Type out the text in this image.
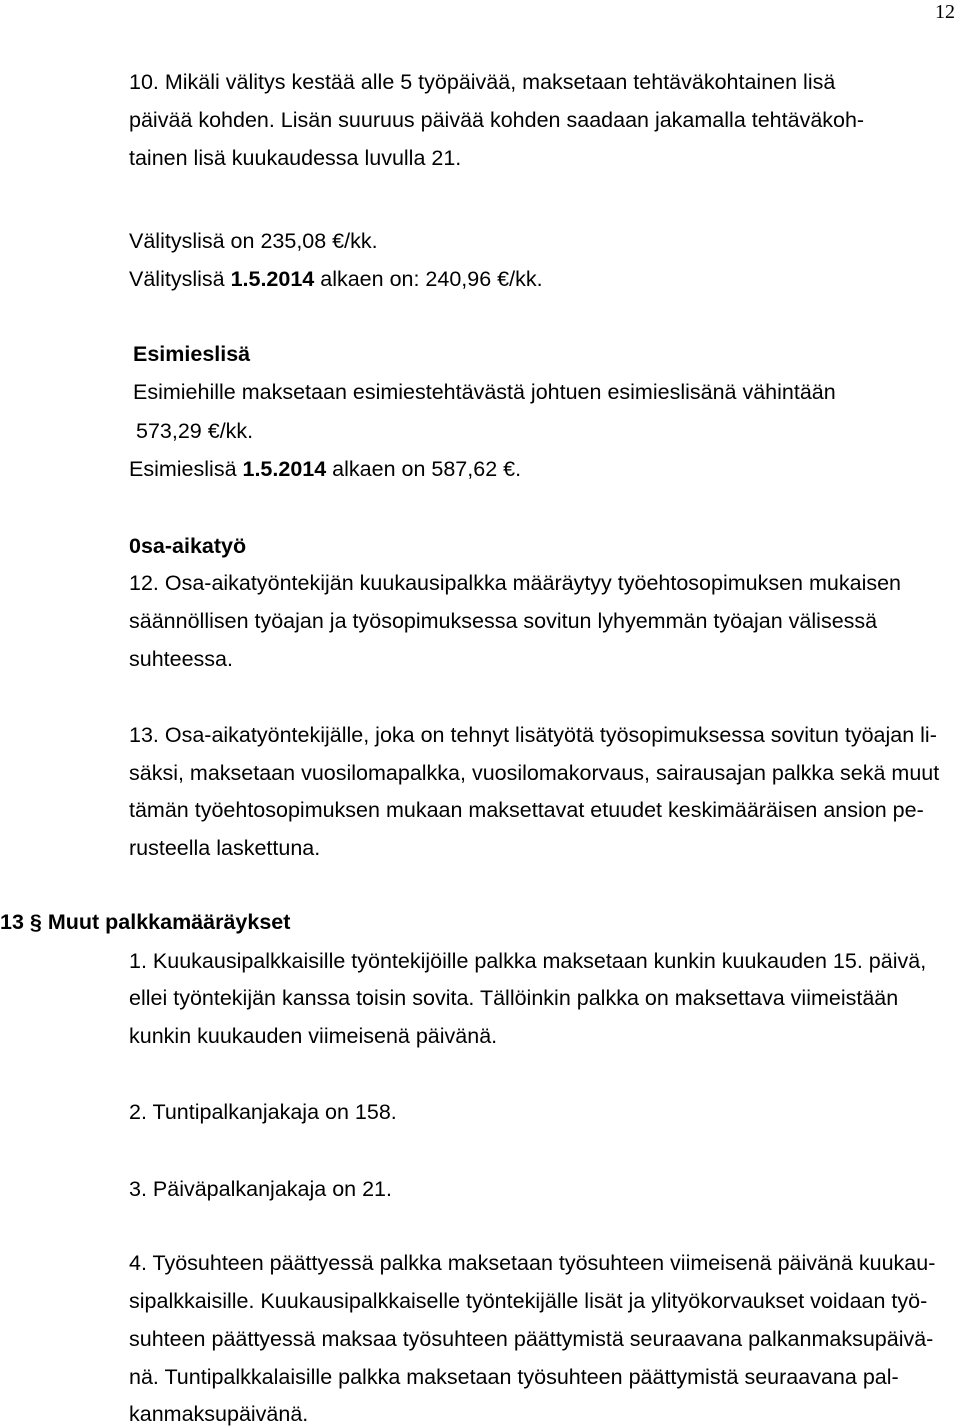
12
10. Mikäli välitys kestää alle 5 työpäivää, maksetaan tehtäväkohtainen lisä
päivää kohden. Lisän suuruus päivää kohden saadaan jakamalla tehtäväkoh-
tainen lisä kuukaudessa luvulla 21.
Välityslisä on 235,08 €/kk.
Välityslisä 1.5.2014 alkaen on: 240,96 €/kk.
Esimieslisä
Esimiehille maksetaan esimiestehtävästä johtuen esimieslisänä vähintään
573,29 €/kk.
Esimieslisä 1.5.2014 alkaen on 587,62 €.
0sa-aikatyö
12. Osa-aikatyöntekijän kuukausipalkka määräytyy työehtosopimuksen mukaisen
säännöllisen työajan ja työsopimuksessa sovitun lyhyemmän työajan välisessä
suhteessa.
13. Osa-aikatyöntekijälle, joka on tehnyt lisätyötä työsopimuksessa sovitun työajan li-
säksi, maksetaan vuosilomapalkka, vuosilomakorvaus, sairausajan palkka sekä muut
tämän työehtosopimuksen mukaan maksettavat etuudet keskimääräisen ansion pe-
rusteella laskettuna.
13 § Muut palkkamääräykset
1. Kuukausipalkkaisille työntekijöille palkka maksetaan kunkin kuukauden 15. päivä,
ellei työntekijän kanssa toisin sovita. Tällöinkin palkka on maksettava viimeistään
kunkin kuukauden viimeisenä päivänä.
2. Tuntipalkanjakaja on 158.
3. Päiväpalkanjakaja on 21.
4. Työsuhteen päättyessä palkka maksetaan työsuhteen viimeisenä päivänä kuukau-
sipalkkaisille. Kuukausipalkkaiselle työntekijälle lisät ja ylityökorvaukset voidaan työ-
suhteen päättyessä maksaa työsuhteen päättymistä seuraavana palkanmaksupäivä-
nä. Tuntipalkkalaisille palkka maksetaan työsuhteen päättymistä seuraavana pal-
kanmaksupäivänä.
